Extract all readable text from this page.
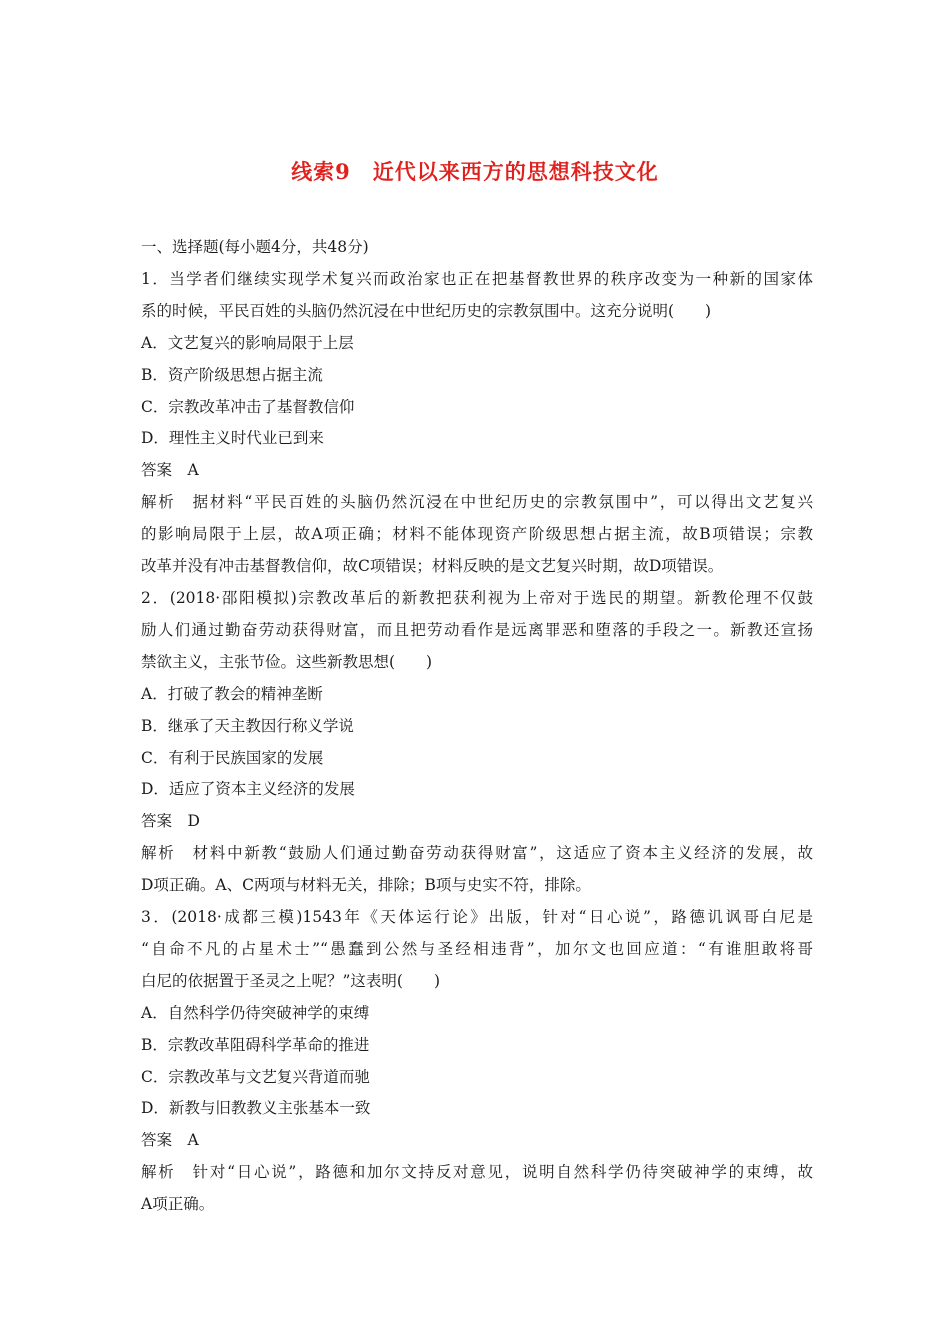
线索9　近代以来西方的思想科技文化
一、选择题(每小题4分，共48分)
1．当学者们继续实现学术复兴而政治家也正在把基督教世界的秩序改变为一种新的国家体
系的时候，平民百姓的头脑仍然沉浸在中世纪历史的宗教氛围中。这充分说明(　　)
A．文艺复兴的影响局限于上层
B．资产阶级思想占据主流
C．宗教改革冲击了基督教信仰
D．理性主义时代业已到来
答案　A
解析　据材料“平民百姓的头脑仍然沉浸在中世纪历史的宗教氛围中”，可以得出文艺复兴
的影响局限于上层，故A项正确；材料不能体现资产阶级思想占据主流，故B项错误；宗教
改革并没有冲击基督教信仰，故C项错误；材料反映的是文艺复兴时期，故D项错误。
2．(2018·邵阳模拟)宗教改革后的新教把获利视为上帝对于选民的期望。新教伦理不仅鼓
励人们通过勤奋劳动获得财富，而且把劳动看作是远离罪恶和堕落的手段之一。新教还宣扬
禁欲主义，主张节俭。这些新教思想(　　)
A．打破了教会的精神垄断
B．继承了天主教因行称义学说
C．有利于民族国家的发展
D．适应了资本主义经济的发展
答案　D
解析　材料中新教“鼓励人们通过勤奋劳动获得财富”，这适应了资本主义经济的发展，故
D项正确。A、C两项与材料无关，排除；B项与史实不符，排除。
3．(2018·成都三模)1543年《天体运行论》出版，针对“日心说”，路德讥讽哥白尼是
“自命不凡的占星术士”“愚蠢到公然与圣经相违背”，加尔文也回应道：“有谁胆敢将哥
白尼的依据置于圣灵之上呢？”这表明(　　)
A．自然科学仍待突破神学的束缚
B．宗教改革阻碍科学革命的推进
C．宗教改革与文艺复兴背道而驰
D．新教与旧教教义主张基本一致
答案　A
解析　针对“日心说”，路德和加尔文持反对意见，说明自然科学仍待突破神学的束缚，故
A项正确。
